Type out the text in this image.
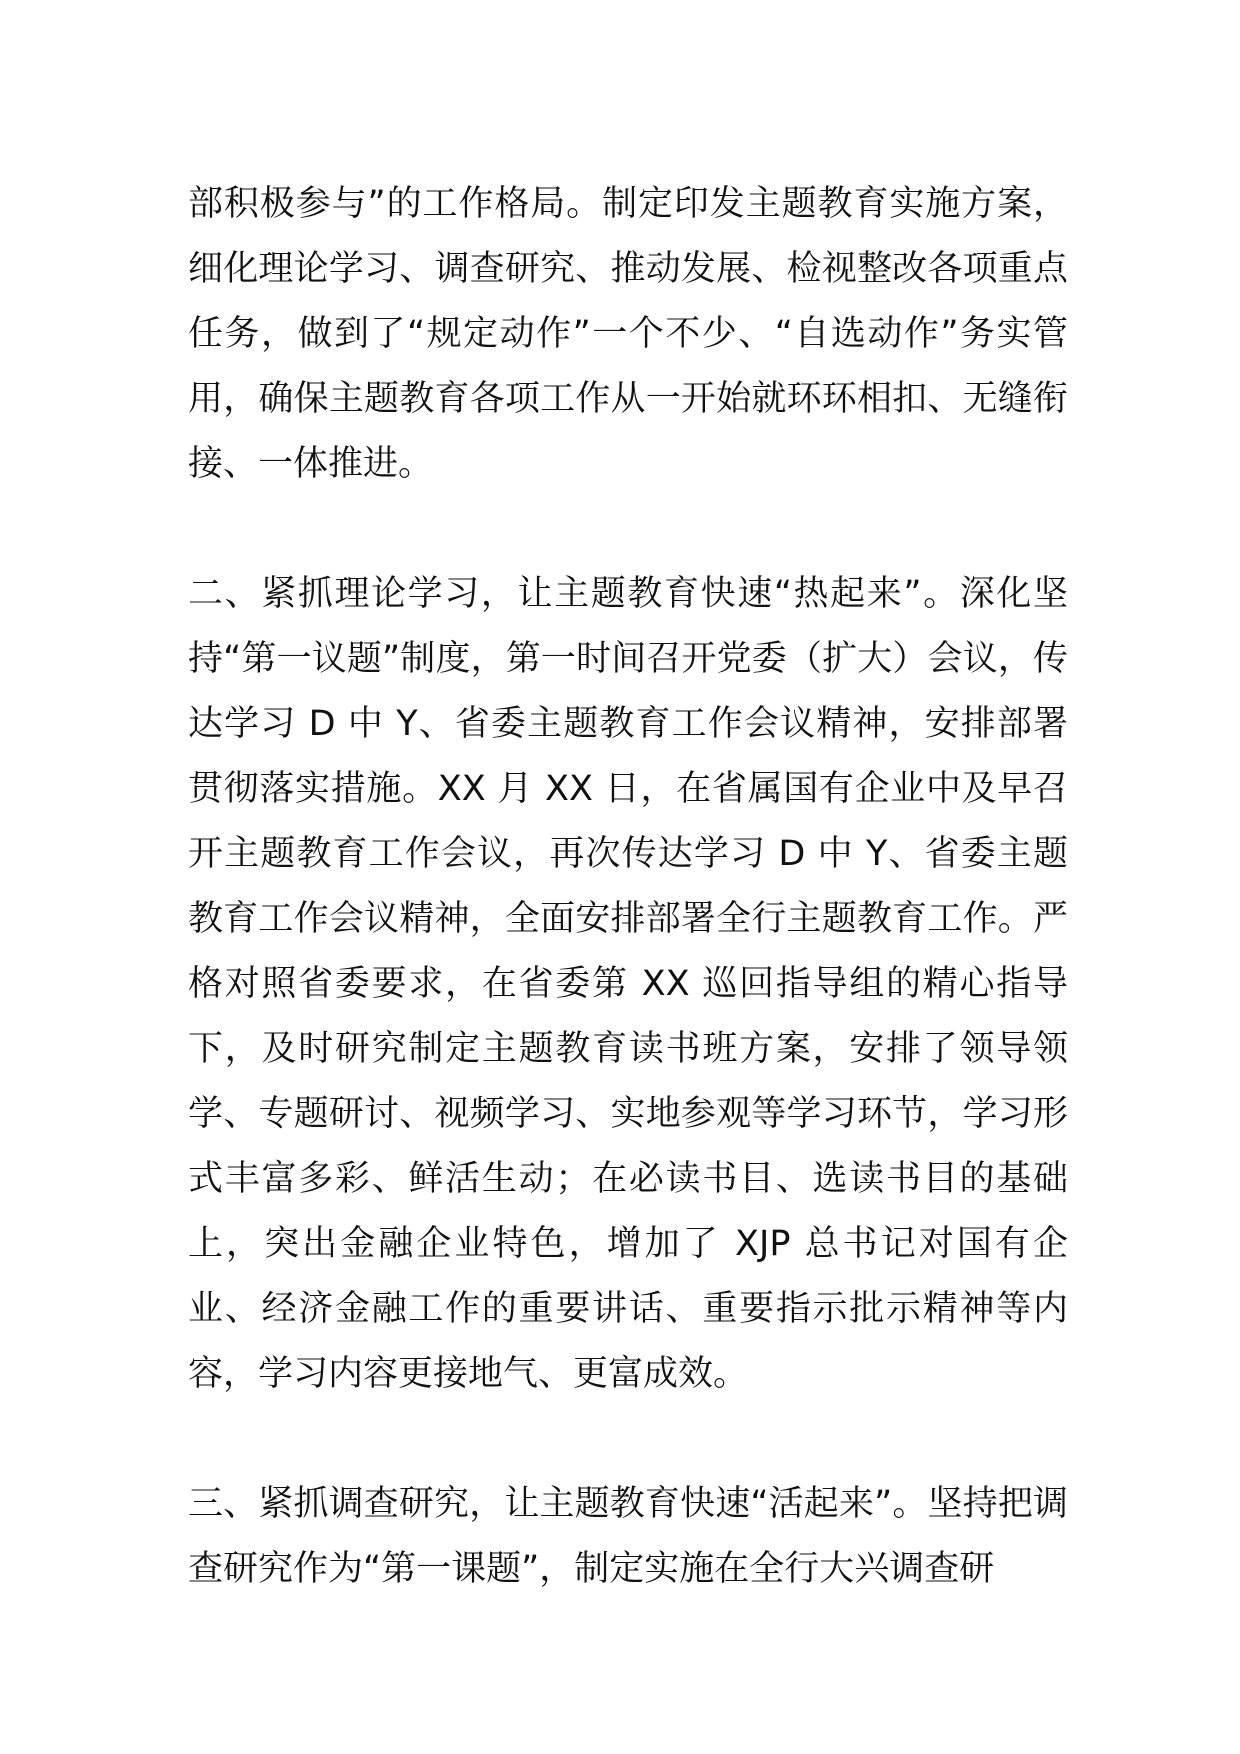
部积极参与”的工作格局。制定印发主题教育实施方案，细化理论学习、调查研究、推动发展、检视整改各项重点任务，做到了“规定动作”一个不少、“自选动作”务实管用，确保主题教育各项工作从一开始就环环相扣、无缝衔接、一体推进。

二、紧抓理论学习，让主题教育快速“热起来”。深化坚持“第一议题”制度，第一时间召开党委（扩大）会议，传达学习 D 中 Y、省委主题教育工作会议精神，安排部署贯彻落实措施。XX 月 XX 日，在省属国有企业中及早召开主题教育工作会议，再次传达学习 D 中 Y、省委主题教育工作会议精神，全面安排部署全行主题教育工作。严格对照省委要求，在省委第 XX 巡回指导组的精心指导下，及时研究制定主题教育读书班方案，安排了领导领学、专题研讨、视频学习、实地参观等学习环节，学习形式丰富多彩、鲜活生动；在必读书目、选读书目的基础上，突出金融企业特色，增加了 XJP 总书记对国有企业、经济金融工作的重要讲话、重要指示批示精神等内容，学习内容更接地气、更富成效。

三、紧抓调查研究，让主题教育快速“活起来”。坚持把调查研究作为“第一课题”，制定实施在全行大兴调查研
